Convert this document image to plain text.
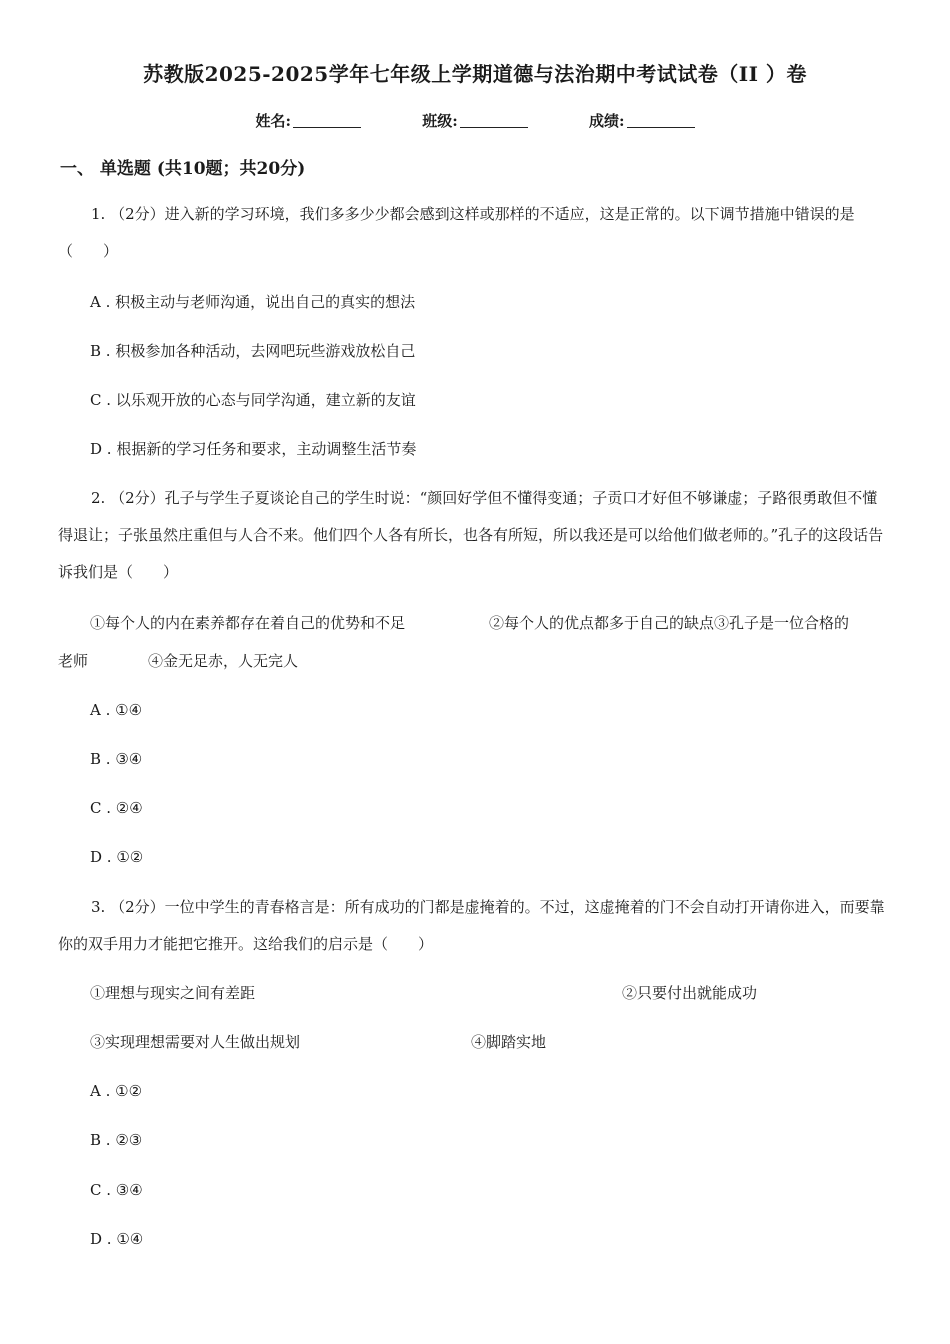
苏教版2025-2025学年七年级上学期道德与法治期中考试试卷（II ）卷
姓名:	班级:	成绩:
一、 单选题 (共10题；共20分)
1. （2分）进入新的学习环境，我们多多少少都会感到这样或那样的不适应，这是正常的。以下调节措施中错误的是（　　）
A . 积极主动与老师沟通，说出自己的真实的想法
B . 积极参加各种活动，去网吧玩些游戏放松自己
C . 以乐观开放的心态与同学沟通，建立新的友谊
D . 根据新的学习任务和要求，主动调整生活节奏
2. （2分）孔子与学生子夏谈论自己的学生时说：“颜回好学但不懂得变通；子贡口才好但不够谦虚；子路很勇敢但不懂得退让；子张虽然庄重但与人合不来。他们四个人各有所长，也各有所短，所以我还是可以给他们做老师的。”孔子的这段话告诉我们是（　　）
①每个人的内在素养都存在着自己的优势和不足	②每个人的优点都多于自己的缺点③孔子是一位合格的
老师	④金无足赤，人无完人
A . ①④
B . ③④
C . ②④
D . ①②
3. （2分）一位中学生的青春格言是：所有成功的门都是虚掩着的。不过，这虚掩着的门不会自动打开请你进入，而要靠你的双手用力才能把它推开。这给我们的启示是（　　）
①理想与现实之间有差距	②只要付出就能成功
③实现理想需要对人生做出规划	④脚踏实地
A . ①②
B . ②③
C . ③④
D . ①④
